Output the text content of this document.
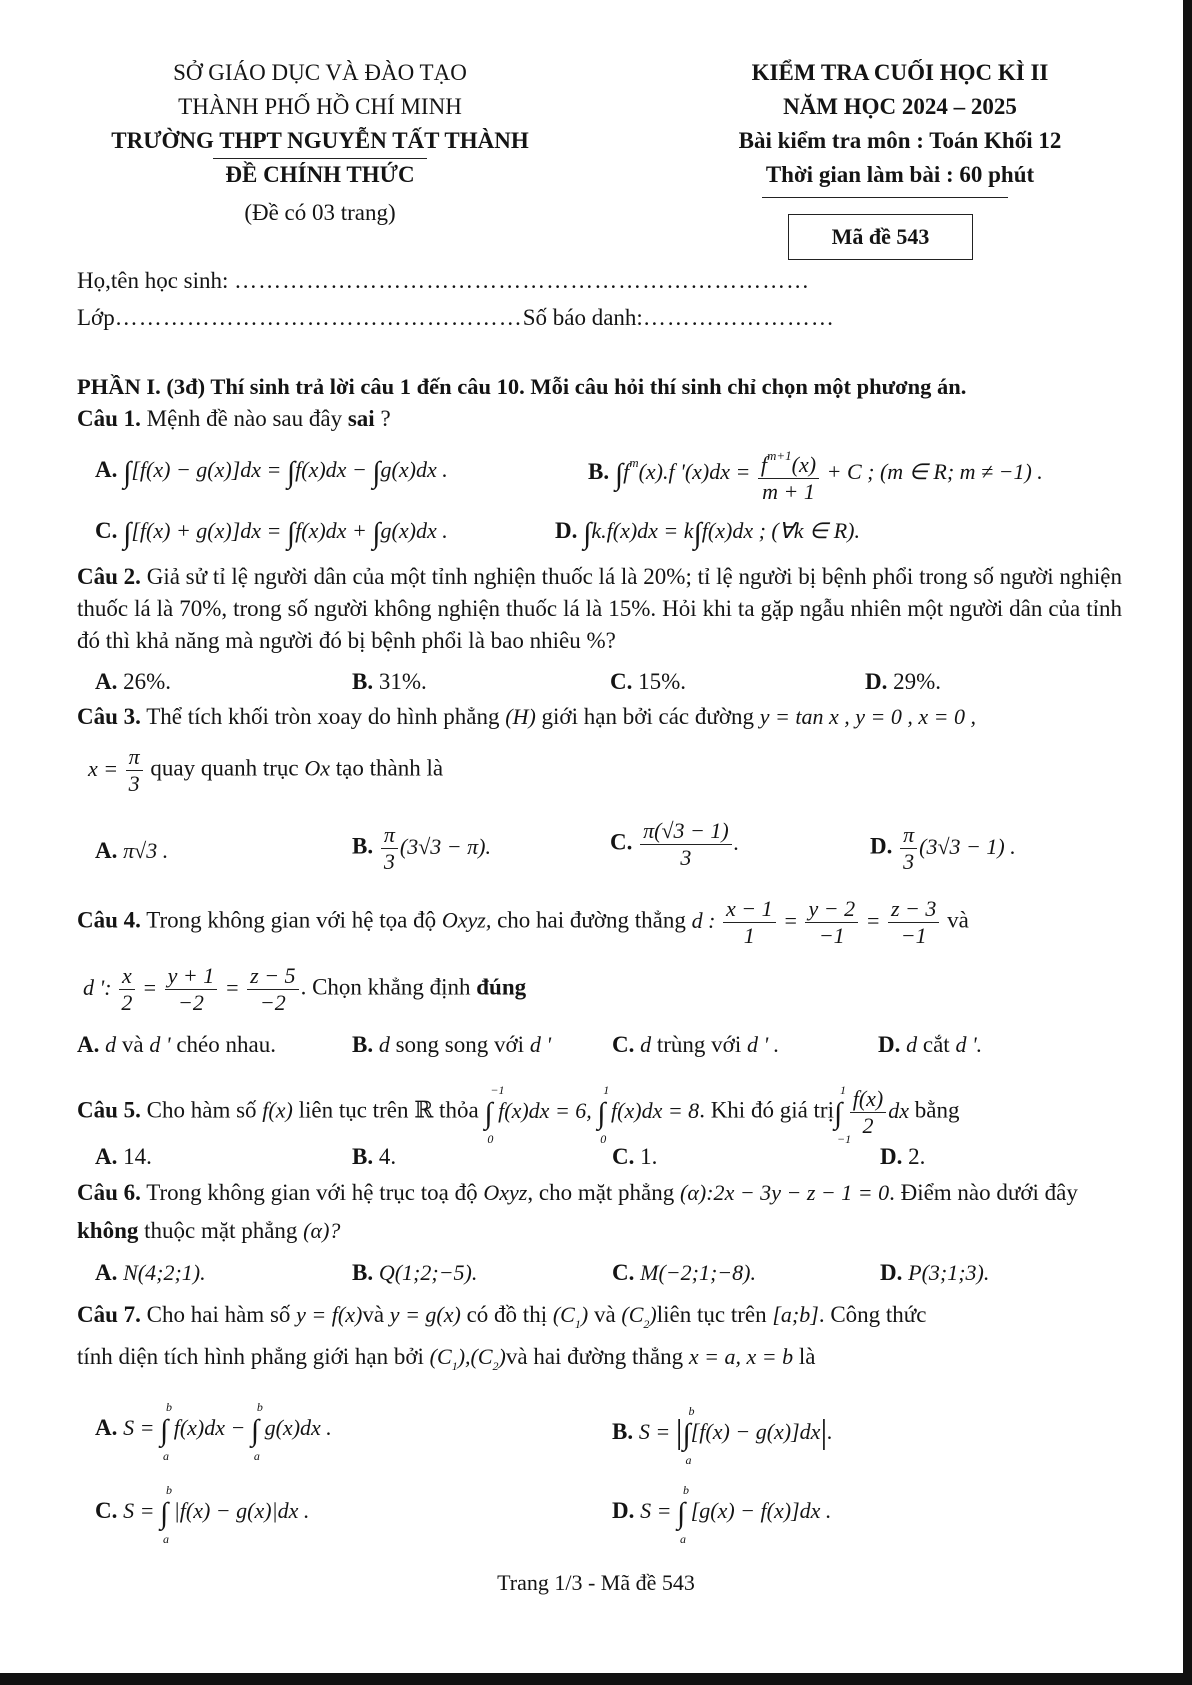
SỞ GIÁO DỤC VÀ ĐÀO TẠO
THÀNH PHỐ HỒ CHÍ MINH
TRƯỜNG THPT NGUYỄN TẤT THÀNH
ĐỀ CHÍNH THỨC
(Đề có 03 trang)
KIỂM TRA CUỐI HỌC KÌ II
NĂM HỌC 2024 – 2025
Bài kiểm tra môn : Toán Khối 12
Thời gian làm bài : 60 phút
Mã đề 543
Họ,tên học sinh: ………………………………………………………………
Lớp……………………………………………Số báo danh:……………………
PHẦN I. (3đ) Thí sinh trả lời câu 1 đến câu 10. Mỗi câu hỏi thí sinh chỉ chọn một phương án.
Câu 1. Mệnh đề nào sau đây sai ?
A. ∫[f(x) − g(x)]dx = ∫f(x)dx − ∫g(x)dx .	B. $\int f^m(x).f$ '$(x)dx = \frac{f^{m+1}(x)}{m + 1} + C$ ; (m ∈ R; m ≠ −1) .
C. ∫[f(x) + g(x)]dx = ∫f(x)dx + ∫g(x)dx .	D. ∫k.f(x)dx = k∫f(x)dx ; (∀k ∈ R).
Câu 2. Giả sử tỉ lệ người dân của một tỉnh nghiện thuốc lá là 20%; tỉ lệ người bị bệnh phổi trong số người nghiện thuốc lá là 70%, trong số người không nghiện thuốc lá là 15%. Hỏi khi ta gặp ngẫu nhiên một người dân của tỉnh đó thì khả năng mà người đó bị bệnh phổi là bao nhiêu %?
A. 26%.	B. 31%.	C. 15%.	D. 29%.
Câu 3. Thể tích khối tròn xoay do hình phẳng (H) giới hạn bởi các đường y = tan x , y = 0 , x = 0 ,
$x = \frac{\pi}{3}$ quay quanh trục Ox tạo thành là
A. π√3 .	B. $\frac{\pi}{3} (3√3 - \pi)$.	C. $\frac{\pi(√3 - 1)}{3}$ .	D. $\frac{\pi}{3} (3√3 - 1)$ .
Câu 4. Trong không gian với hệ tọa độ Oxyz, cho hai đường thẳng d : $\frac{x - 1}{1} = \frac{y - 2}{-1} = \frac{z - 3}{-1}$ và
d ': $\frac{x}{2} = \frac{y + 1}{-2} = \frac{z - 5}{-2}$ . Chọn khẳng định đúng
A. d và d ' chéo nhau.	B. d song song với d '	C. d trùng với d ' .	D. d cắt d '.
Câu 5. Cho hàm số f(x) liên tục trên ℝ thỏa ∫
−1
0
f(x)dx = 6, ∫
1
0
f(x)dx = 8. Khi đó giá trị∫
1
−1

$\frac{f(x)}{2}$ dx bằng
A. 14.	B. 4.	C. 1.	D. 2.
Câu 6. Trong không gian với hệ trục toạ độ Oxyz, cho mặt phẳng (α):2x − 3y − z − 1 = 0. Điểm nào dưới đây
không thuộc mặt phẳng (α)?
A. N(4;2;1).	B. Q(1;2;−5).	C. M(−2;1;−8).	D. P(3;1;3).
Câu 7. Cho hai hàm số y = f(x)và y = g(x) có đồ thị $(C_1)$ và $(C_2)liên$ tục trên [a;b]. Công thức
tính diện tích hình phẳng giới hạn bởi $(C_1),(C_2)và$ hai đường thẳng x = a, x = b là
A. S = ∫
b
a
f(x)dx − ∫
b
a
g(x)dx .	B. S = |∫
b
a
[f(x) − g(x)]dx|.
C. S = ∫
b
a
|f(x) − g(x)|dx .	D. S = ∫
b
a
[g(x) − f(x)]dx .
Trang 1/3 - Mã đề 543
